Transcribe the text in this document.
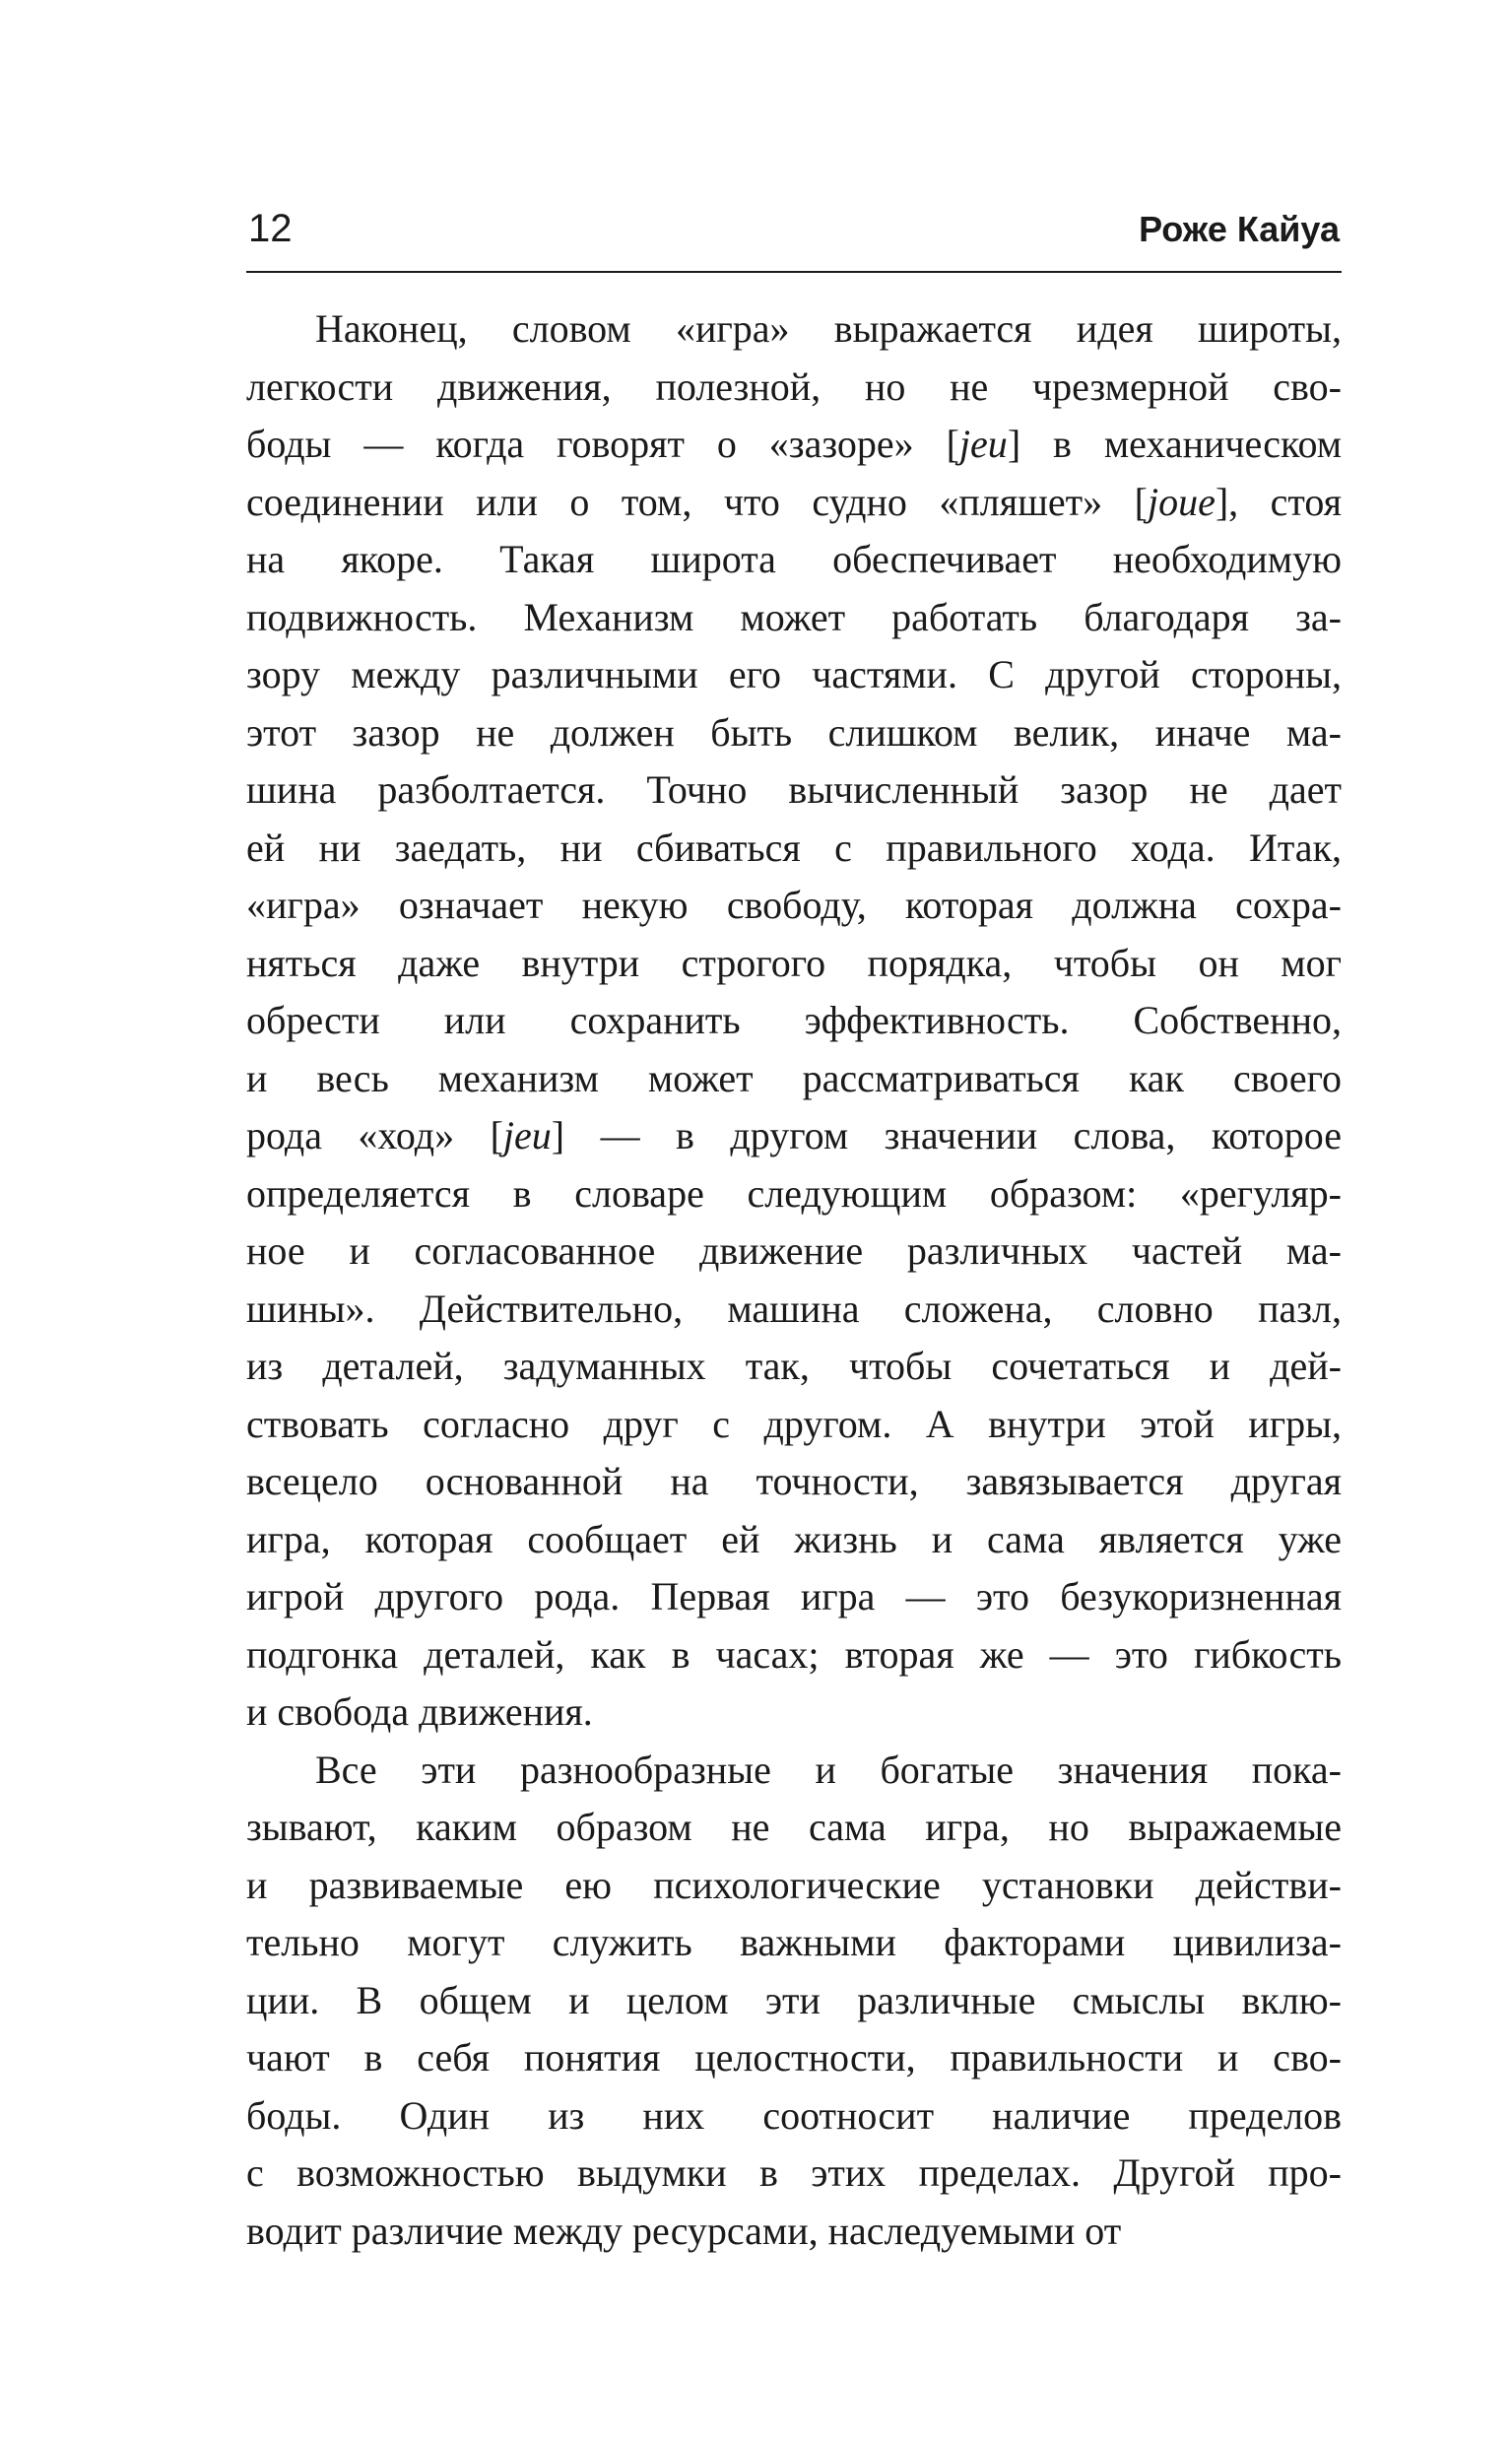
12	Роже Кайуа

Наконец, словом «игра» выражается идея широты,
легкости движения, полезной, но не чрезмерной сво-
боды — когда говорят о «зазоре» [jeu] в механическом
соединении или о том, что судно «пляшет» [joue], стоя
на якоре. Такая широта обеспечивает необходимую
подвижность. Механизм может работать благодаря за-
зору между различными его частями. С другой стороны,
этот зазор не должен быть слишком велик, иначе ма-
шина разболтается. Точно вычисленный зазор не дает
ей ни заедать, ни сбиваться с правильного хода. Итак,
«игра» означает некую свободу, которая должна сохра-
няться даже внутри строгого порядка, чтобы он мог
обрести или сохранить эффективность. Собственно,
и весь механизм может рассматриваться как своего
рода «ход» [jeu] — в другом значении слова, которое
определяется в словаре следующим образом: «регуляр-
ное и согласованное движение различных частей ма-
шины». Действительно, машина сложена, словно пазл,
из деталей, задуманных так, чтобы сочетаться и дей-
ствовать согласно друг с другом. А внутри этой игры,
всецело основанной на точности, завязывается другая
игра, которая сообщает ей жизнь и сама является уже
игрой другого рода. Первая игра — это безукоризненная
подгонка деталей, как в часах; вторая же — это гибкость
и свобода движения.

Все эти разнообразные и богатые значения пока-
зывают, каким образом не сама игра, но выражаемые
и развиваемые ею психологические установки действи-
тельно могут служить важными факторами цивилиза-
ции. В общем и целом эти различные смыслы вклю-
чают в себя понятия целостности, правильности и сво-
боды. Один из них соотносит наличие пределов
с возможностью выдумки в этих пределах. Другой про-
водит различие между ресурсами, наследуемыми от
